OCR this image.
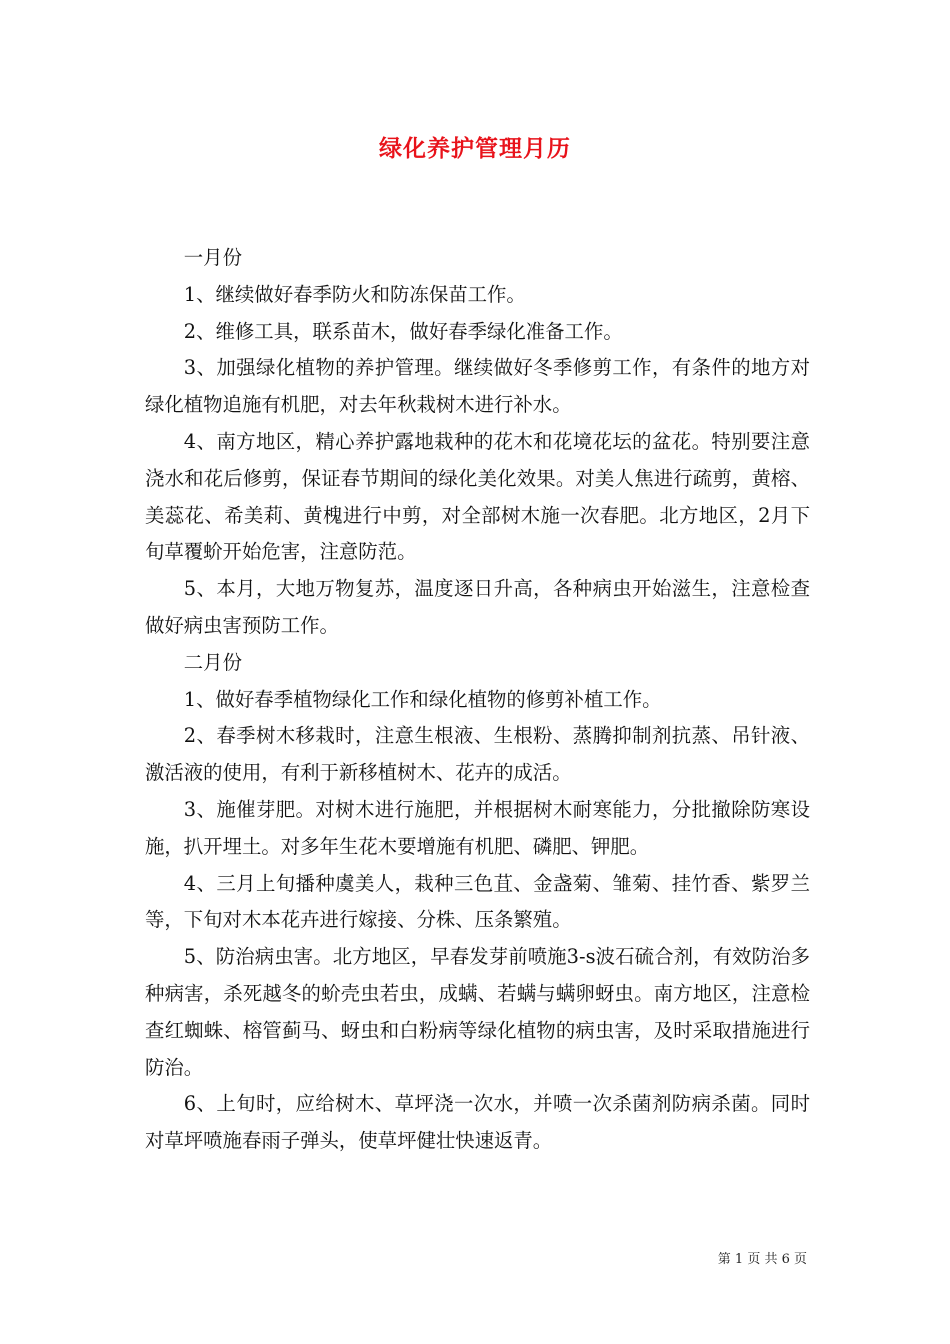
绿化养护管理月历

一月份

1、继续做好春季防火和防冻保苗工作。

2、维修工具，联系苗木，做好春季绿化准备工作。

3、加强绿化植物的养护管理。继续做好冬季修剪工作，有条件的地方对绿化植物追施有机肥，对去年秋栽树木进行补水。

4、南方地区，精心养护露地栽种的花木和花境花坛的盆花。特别要注意浇水和花后修剪，保证春节期间的绿化美化效果。对美人焦进行疏剪，黄榕、美蕊花、希美莉、黄槐进行中剪，对全部树木施一次春肥。北方地区，2月下旬草覆蚧开始危害，注意防范。

5、本月，大地万物复苏，温度逐日升高，各种病虫开始滋生，注意检查做好病虫害预防工作。

二月份

1、做好春季植物绿化工作和绿化植物的修剪补植工作。

2、春季树木移栽时，注意生根液、生根粉、蒸腾抑制剂抗蒸、吊针液、激活液的使用，有利于新移植树木、花卉的成活。

3、施催芽肥。对树木进行施肥，并根据树木耐寒能力，分批撤除防寒设施，扒开埋土。对多年生花木要增施有机肥、磷肥、钾肥。

4、三月上旬播种虞美人，栽种三色苴、金盏菊、雏菊、挂竹香、紫罗兰等，下旬对木本花卉进行嫁接、分株、压条繁殖。

5、防治病虫害。北方地区，早春发芽前喷施3-s波石硫合剂，有效防治多种病害，杀死越冬的蚧壳虫若虫，成螨、若螨与螨卵蚜虫。南方地区，注意检查红蜘蛛、榕管蓟马、蚜虫和白粉病等绿化植物的病虫害，及时采取措施进行防治。

6、上旬时，应给树木、草坪浇一次水，并喷一次杀菌剂防病杀菌。同时对草坪喷施春雨子弹头，使草坪健壮快速返青。

第 1 页 共 6 页
